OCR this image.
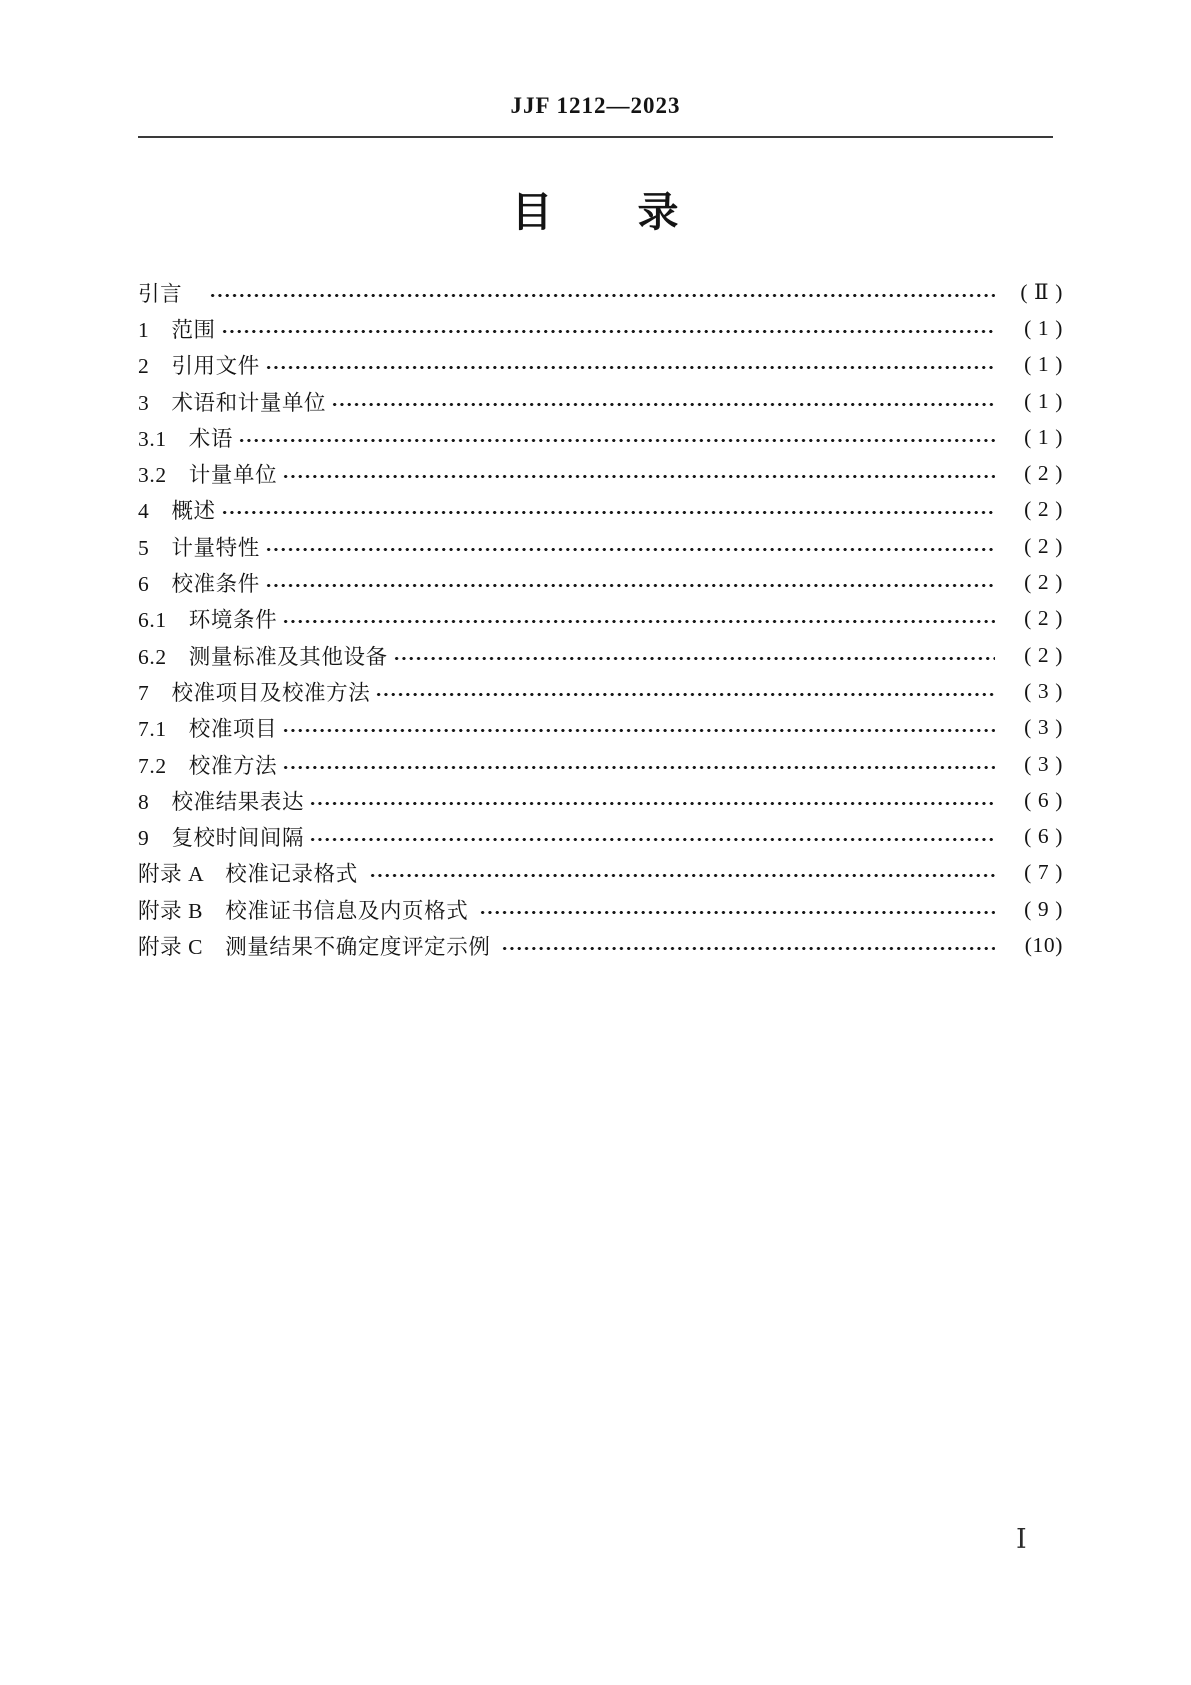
JJF 1212—2023
目　　录
引言　	( Ⅱ )
1　范围	( 1 )
2　引用文件	( 1 )
3　术语和计量单位	( 1 )
3.1　术语	( 1 )
3.2　计量单位	( 2 )
4　概述	( 2 )
5　计量特性	( 2 )
6　校准条件	( 2 )
6.1　环境条件	( 2 )
6.2　测量标准及其他设备	( 2 )
7　校准项目及校准方法	( 3 )
7.1　校准项目	( 3 )
7.2　校准方法	( 3 )
8　校准结果表达	( 6 )
9　复校时间间隔	( 6 )
附录 A　校准记录格式	( 7 )
附录 B　校准证书信息及内页格式	( 9 )
附录 C　测量结果不确定度评定示例	(10)
Ⅰ
